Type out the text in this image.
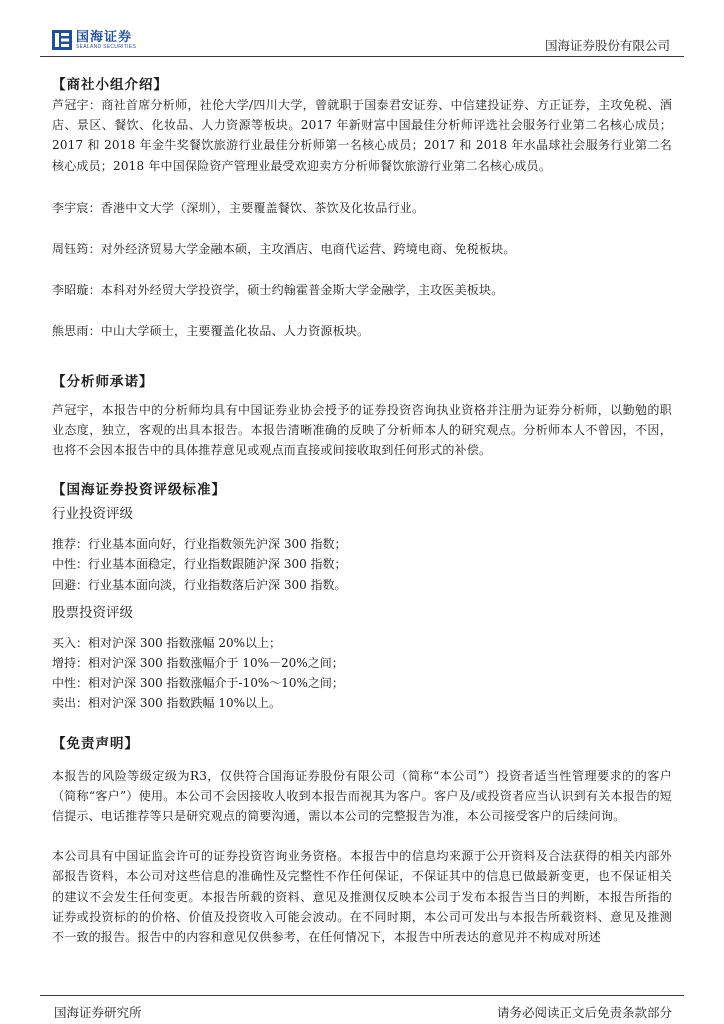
国海证券
SEALAND SECURITIES	国海证券股份有限公司
【商社小组介绍】

芦冠宇：商社首席分析师，社伦大学/四川大学，曾就职于国泰君安证券、中信建投证券、方正证券，主攻免税、酒店、景区、餐饮、化妆品、人力资源等板块。2017 年新财富中国最佳分析师评选社会服务行业第二名核心成员；2017 和 2018 年金牛奖餐饮旅游行业最佳分析师第一名核心成员；2017 和 2018 年水晶球社会服务行业第二名核心成员；2018 年中国保险资产管理业最受欢迎卖方分析师餐饮旅游行业第二名核心成员。

李宇宸：香港中文大学（深圳），主要覆盖餐饮、茶饮及化妆品行业。

周钰筠：对外经济贸易大学金融本硕，主攻酒店、电商代运营、跨境电商、免税板块。

李昭璇：本科对外经贸大学投资学，硕士约翰霍普金斯大学金融学，主攻医美板块。

熊思雨：中山大学硕士，主要覆盖化妆品、人力资源板块。

【分析师承诺】

芦冠宇，本报告中的分析师均具有中国证券业协会授予的证券投资咨询执业资格并注册为证券分析师，以勤勉的职业态度，独立，客观的出具本报告。本报告清晰准确的反映了分析师本人的研究观点。分析师本人不曾因，不因，也将不会因本报告中的具体推荐意见或观点而直接或间接收取到任何形式的补偿。

【国海证券投资评级标准】
行业投资评级
推荐：行业基本面向好，行业指数领先沪深 300 指数；
中性：行业基本面稳定，行业指数跟随沪深 300 指数；
回避：行业基本面向淡，行业指数落后沪深 300 指数。
股票投资评级
买入：相对沪深 300 指数涨幅 20%以上；
增持：相对沪深 300 指数涨幅介于 10%－20%之间；
中性：相对沪深 300 指数涨幅介于-10%～10%之间；
卖出：相对沪深 300 指数跌幅 10%以上。
【免责声明】

本报告的风险等级定级为R3，仅供符合国海证券股份有限公司（简称“本公司”）投资者适当性管理要求的的客户（简称“客户”）使用。本公司不会因接收人收到本报告而视其为客户。客户及/或投资者应当认识到有关本报告的短信提示、电话推荐等只是研究观点的简要沟通，需以本公司的完整报告为准，本公司接受客户的后续问询。

本公司具有中国证监会许可的证券投资咨询业务资格。本报告中的信息均来源于公开资料及合法获得的相关内部外部报告资料，本公司对这些信息的准确性及完整性不作任何保证，不保证其中的信息已做最新变更，也不保证相关的建议不会发生任何变更。本报告所载的资料、意见及推测仅反映本公司于发布本报告当日的判断，本报告所指的证券或投资标的的价格、价值及投资收入可能会波动。在不同时期，本公司可发出与本报告所载资料、意见及推测不一致的报告。报告中的内容和意见仅供参考，在任何情况下，本报告中所表达的意见并不构成对所述

国海证券研究所	请务必阅读正文后免责条款部分
